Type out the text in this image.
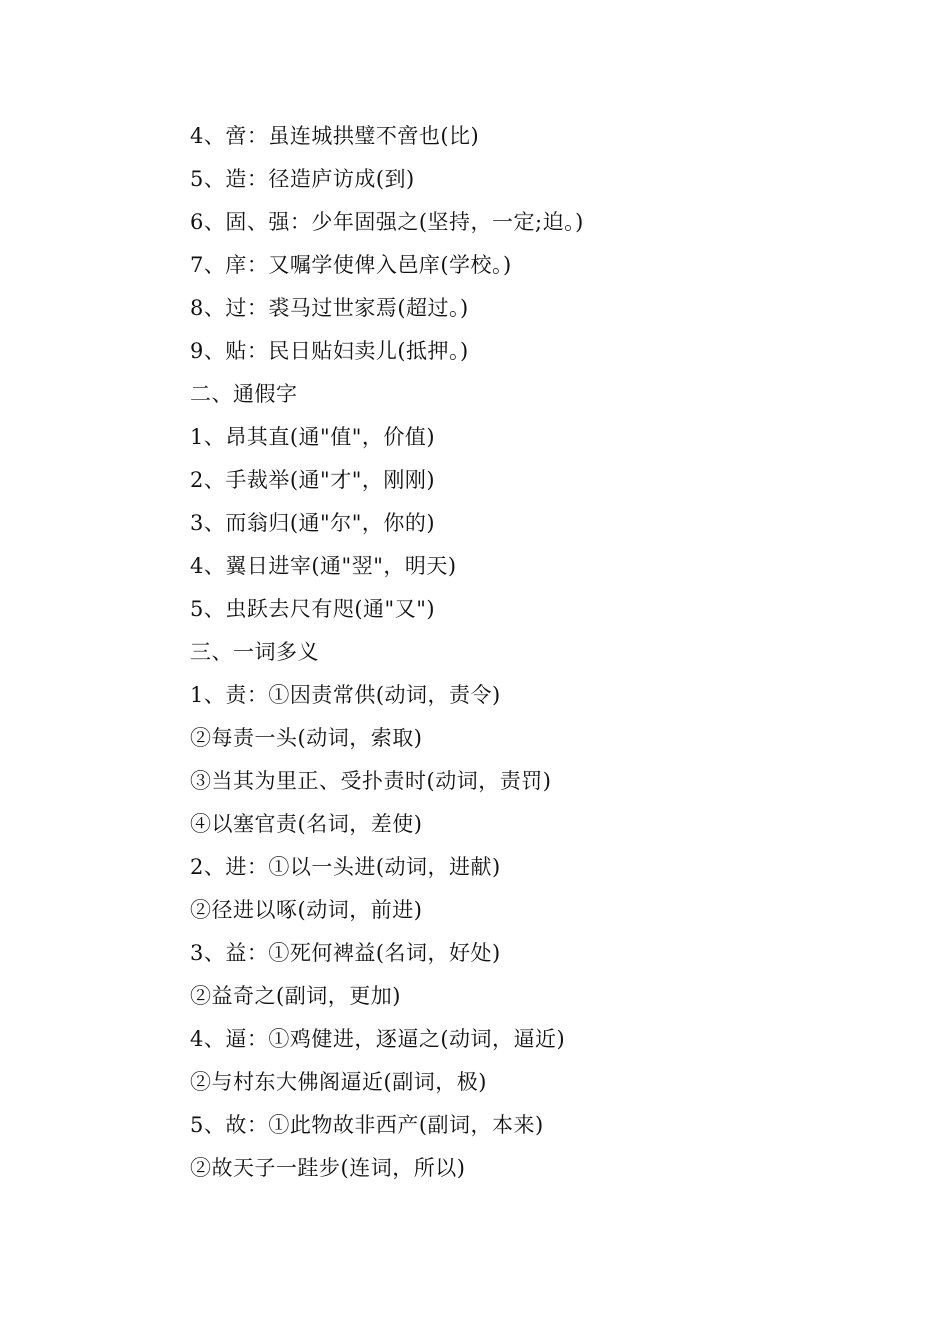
4、啻：虽连城拱璧不啻也(比)
5、造：径造庐访成(到)
6、固、强：少年固强之(坚持，一定;迫。)
7、庠：又嘱学使俾入邑庠(学校。)
8、过：裘马过世家焉(超过。)
9、贴：民日贴妇卖儿(抵押。)
二、通假字
1、昂其直(通"值"，价值)
2、手裁举(通"才"，刚刚)
3、而翁归(通"尔"，你的)
4、翼日进宰(通"翌"，明天)
5、虫跃去尺有咫(通"又")
三、一词多义
1、责：①因责常供(动词，责令)
②每责一头(动词，索取)
③当其为里正、受扑责时(动词，责罚)
④以塞官责(名词，差使)
2、进：①以一头进(动词，进献)
②径进以啄(动词，前进)
3、益：①死何裨益(名词，好处)
②益奇之(副词，更加)
4、逼：①鸡健进，逐逼之(动词，逼近)
②与村东大佛阁逼近(副词，极)
5、故：①此物故非西产(副词，本来)
②故天子一跬步(连词，所以)
